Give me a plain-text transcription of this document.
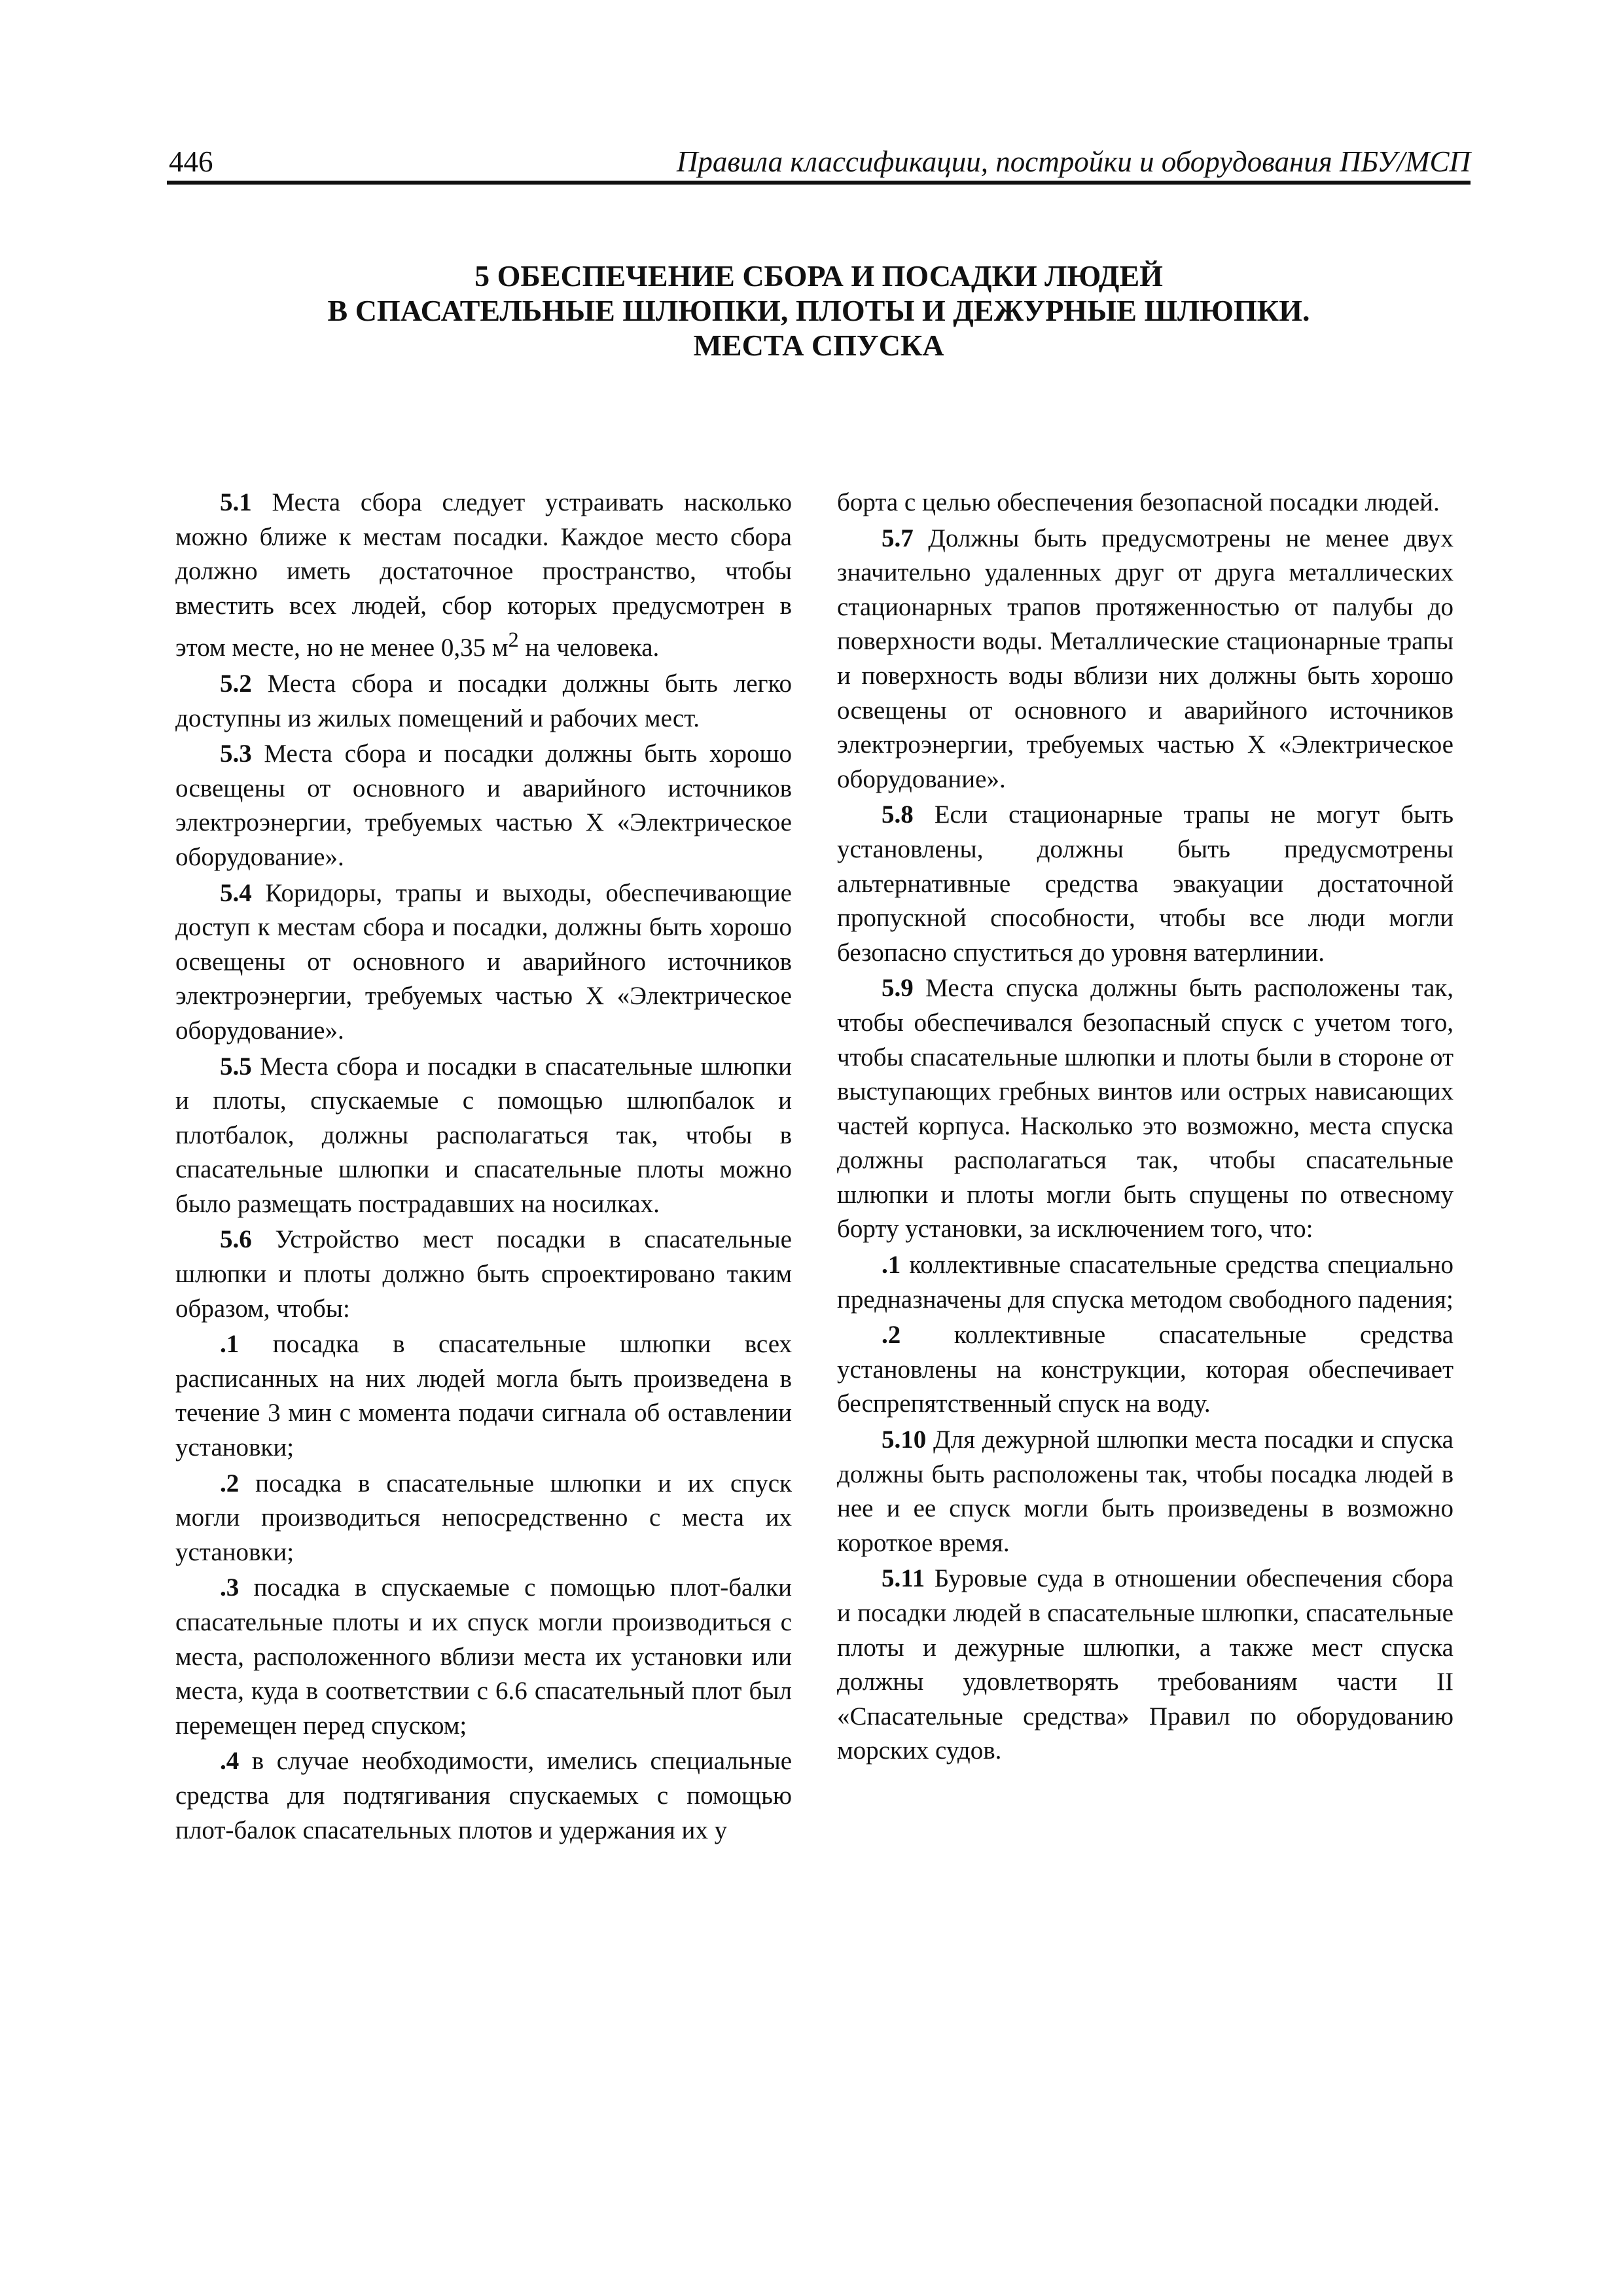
446	Правила классификации, постройки и оборудования ПБУ/МСП
5 ОБЕСПЕЧЕНИЕ СБОРА И ПОСАДКИ ЛЮДЕЙ
В СПАСАТЕЛЬНЫЕ ШЛЮПКИ, ПЛОТЫ И ДЕЖУРНЫЕ ШЛЮПКИ.
МЕСТА СПУСКА

5.1 Места сбора следует устраивать насколько можно ближе к местам посадки. Каждое место сбора должно иметь достаточное пространство, чтобы вместить всех людей, сбор которых предусмотрен в этом месте, но не менее 0,35 $м^2$ на человека.

5.2 Места сбора и посадки должны быть легко доступны из жилых помещений и рабочих мест.

5.3 Места сбора и посадки должны быть хорошо освещены от основного и аварийного источников электроэнергии, требуемых частью X «Электрическое оборудование».

5.4 Коридоры, трапы и выходы, обеспечивающие доступ к местам сбора и посадки, должны быть хорошо освещены от основного и аварийного источников электроэнергии, требуемых частью X «Электрическое оборудование».

5.5 Места сбора и посадки в спасательные шлюпки и плоты, спускаемые с помощью шлюпбалок и плотбалок, должны располагаться так, чтобы в спасательные шлюпки и спасательные плоты можно было размещать пострадавших на носилках.

5.6 Устройство мест посадки в спасательные шлюпки и плоты должно быть спроектировано таким образом, чтобы:

.1 посадка в спасательные шлюпки всех расписанных на них людей могла быть произведена в течение 3 мин с момента подачи сигнала об оставлении установки;

.2 посадка в спасательные шлюпки и их спуск могли производиться непосредственно с места их установки;

.3 посадка в спускаемые с помощью плот-балки спасательные плоты и их спуск могли производиться с места, расположенного вблизи места их установки или места, куда в соответствии с 6.6 спасательный плот был перемещен перед спуском;

.4 в случае необходимости, имелись специальные средства для подтягивания спускаемых с помощью плот-балок спасательных плотов и удержания их у

борта с целью обеспечения безопасной посадки людей.

5.7 Должны быть предусмотрены не менее двух значительно удаленных друг от друга металлических стационарных трапов протяженностью от палубы до поверхности воды. Металлические стационарные трапы и поверхность воды вблизи них должны быть хорошо освещены от основного и аварийного источников электроэнергии, требуемых частью X «Электрическое оборудование».

5.8 Если стационарные трапы не могут быть установлены, должны быть предусмотрены альтернативные средства эвакуации достаточной пропускной способности, чтобы все люди могли безопасно спуститься до уровня ватерлинии.

5.9 Места спуска должны быть расположены так, чтобы обеспечивался безопасный спуск с учетом того, чтобы спасательные шлюпки и плоты были в стороне от выступающих гребных винтов или острых нависающих частей корпуса. Насколько это возможно, места спуска должны располагаться так, чтобы спасательные шлюпки и плоты могли быть спущены по отвесному борту установки, за исключением того, что:

.1 коллективные спасательные средства специально предназначены для спуска методом свободного падения;

.2 коллективные спасательные средства установлены на конструкции, которая обеспечивает беспрепятственный спуск на воду.

5.10 Для дежурной шлюпки места посадки и спуска должны быть расположены так, чтобы посадка людей в нее и ее спуск могли быть произведены в возможно короткое время.

5.11 Буровые суда в отношении обеспечения сбора и посадки людей в спасательные шлюпки, спасательные плоты и дежурные шлюпки, а также мест спуска должны удовлетворять требованиям части II «Спасательные средства» Правил по оборудованию морских судов.
